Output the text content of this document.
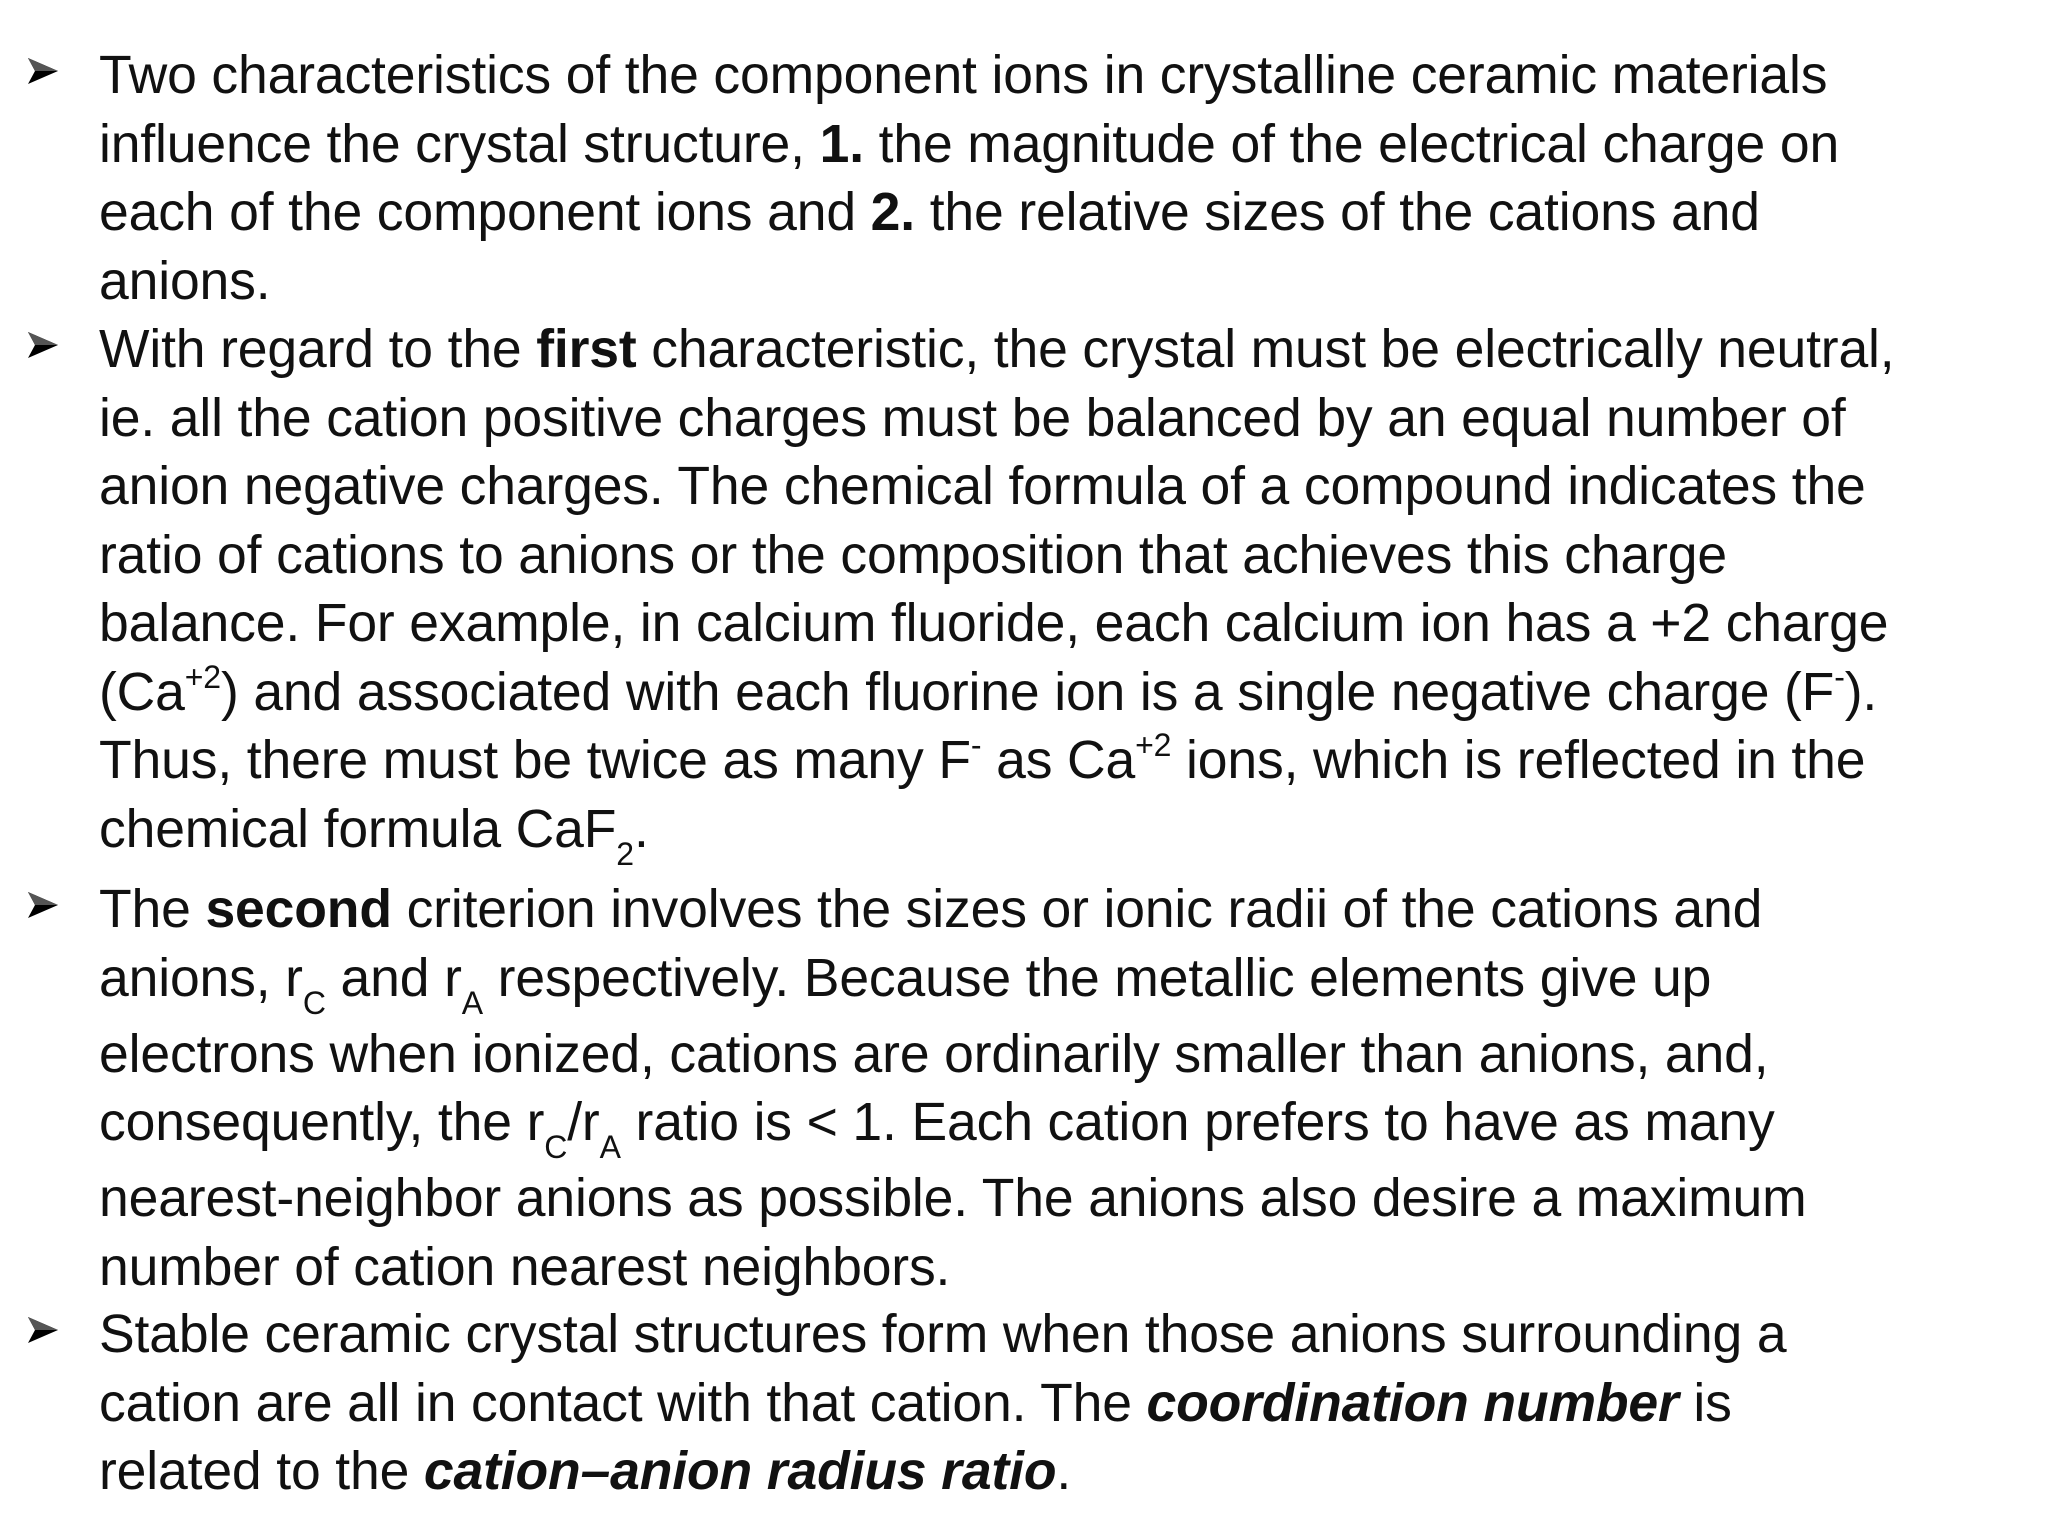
Two characteristics of the component ions in crystalline ceramic materials
influence the crystal structure, 1. the magnitude of the electrical charge on
each of the component ions and 2. the relative sizes of the cations and
anions.
With regard to the first characteristic, the crystal must be electrically neutral,
ie. all the cation positive charges must be balanced by an equal number of
anion negative charges. The chemical formula of a compound indicates the
ratio of cations to anions or the composition that achieves this charge
balance. For example, in calcium fluoride, each calcium ion has a +2 charge
$(Ca^{+2})$ and associated with each fluorine ion is a single negative charge (F-).
Thus, there must be twice as many F- as $Ca^{+2}$ ions, which is reflected in the
chemical formula CaF$_2$.
The second criterion involves the sizes or ionic radii of the cations and
anions, $r_C$ and $r_A$ respectively. Because the metallic elements give up
electrons when ionized, cations are ordinarily smaller than anions, and,
consequently, the $r_C/r_A$ ratio is < 1. Each cation prefers to have as many
nearest-neighbor anions as possible. The anions also desire a maximum
number of cation nearest neighbors.
Stable ceramic crystal structures form when those anions surrounding a
cation are all in contact with that cation. The coordination number is
related to the cation–anion radius ratio.
